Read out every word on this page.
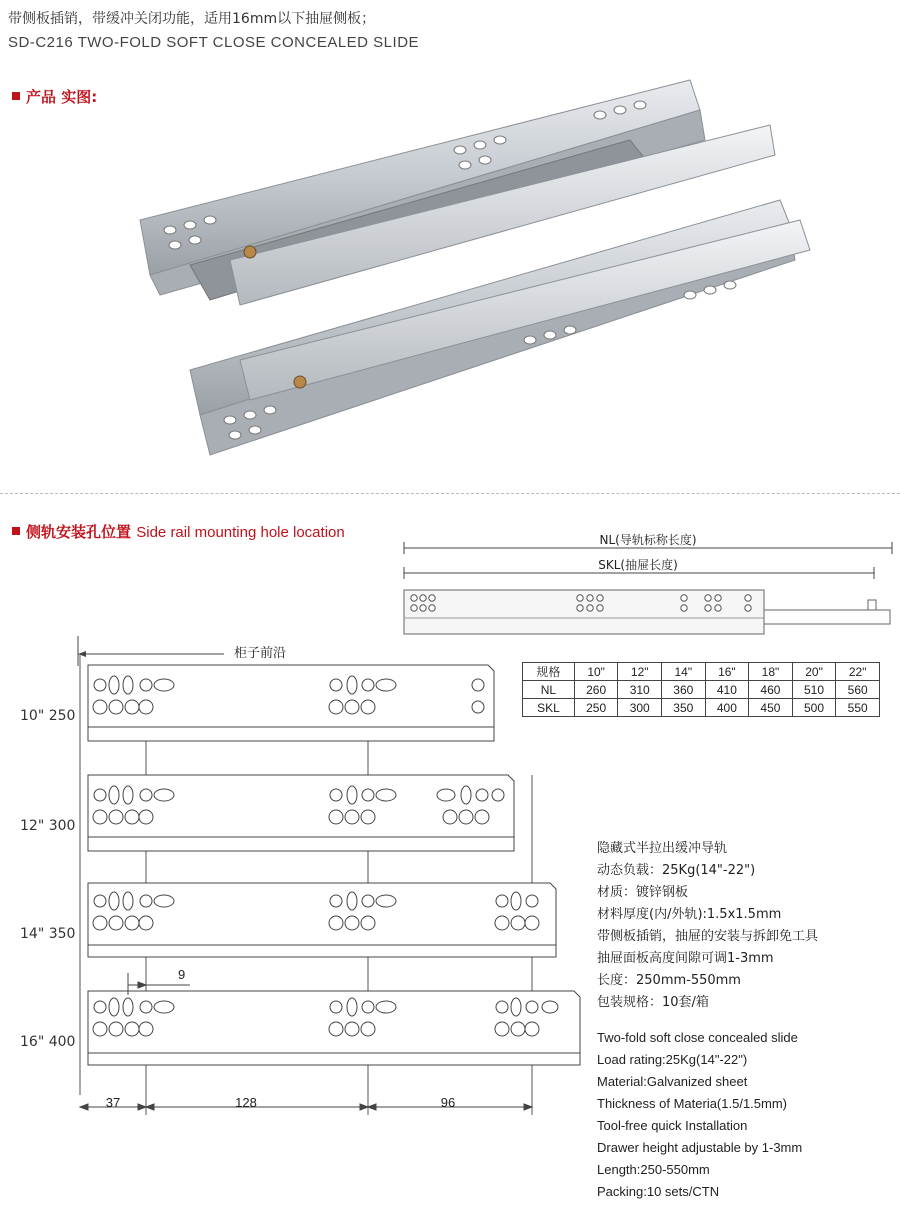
带侧板插销，带缓冲关闭功能，适用16mm以下抽屉侧板；
SD-C216 TWO-FOLD SOFT CLOSE CONCEALED SLIDE
产品 实图:
侧轨安装孔位置 Side rail mounting hole location	NL(导轨标称长度)
SKL(抽屉长度)
柜子前沿
9
37	128	96
10" 250
12" 300
14" 350
16" 400
规格	10"	12"	14"	16"	18"	20"	22"
NL	260	310	360	410	460	510	560
SKL	250	300	350	400	450	500	550
隐藏式半拉出缓冲导轨
动态负载：25Kg(14"-22")
材质：镀锌钢板
材料厚度(内/外轨):1.5x1.5mm
带侧板插销，抽屉的安装与拆卸免工具
抽屉面板高度间隙可调1-3mm
长度：250mm-550mm
包装规格：10套/箱
Two-fold soft close concealed slide
Load rating:25Kg(14"-22")
Material:Galvanized sheet
Thickness of Materia(1.5/1.5mm)
Tool-free quick Installation
Drawer height adjustable by 1-3mm
Length:250-550mm
Packing:10 sets/CTN
